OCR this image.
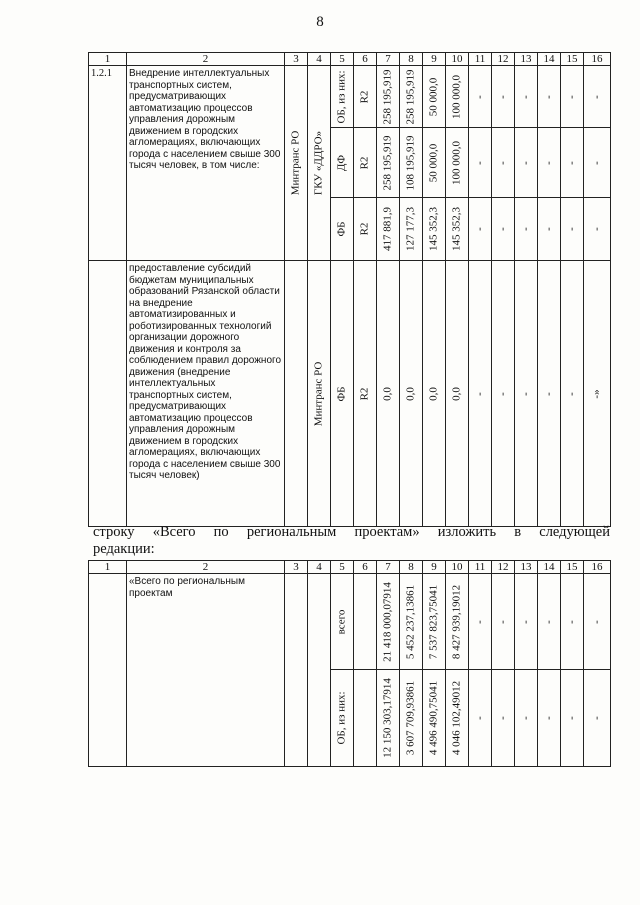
8
1	2	3	4	5	6	7	8	9	10	11	12	13	14	15	16
1.2.1	Внедрение интеллектуальных транспортных систем, предусматривающих автоматизацию процессов управления дорожным движением в городских агломерациях, включающих города с населением свыше 300 тысяч человек, в том числе:	Минтранс РО	ГКУ «ДДРО»	ОБ, из них:	R2	258 195,919	258 195,919	50 000,0	100 000,0	-	-	-	-	-	-

				ДФ	R2	258 195,919	108 195,919	50 000,0	100 000,0	-	-	-	-	-	-

				ФБ	R2	417 881,9	127 177,3	145 352,3	145 352,3	-	-	-	-	-	-

	предоставление субсидий бюджетам муниципальных образований Рязанской области на внедрение автоматизированных и роботизированных технологий организации дорожного движения и контроля за соблюдением правил дорожного движения (внедрение интеллектуальных транспортных систем, предусматривающих автоматизацию процессов управления дорожным движением в городских агломерациях, включающих города с населением свыше 300 тысяч человек)		Минтранс РО	ФБ	R2	0,0	0,0	0,0	0,0	-	-	-	-	-	-»
строку «Всего по региональным проектам» изложить в следующей
редакции:
1	2	3	4	5	6	7	8	9	10	11	12	13	14	15	16
	«Всего по региональным проектам			всего		21 418 000,07914	5 452 237,13861	7 537 823,75041	8 427 939,19012	-	-	-	-	-	-

				ОБ, из них:		12 150 303,17914	3 607 709,93861	4 496 490,75041	4 046 102,49012	-	-	-	-	-	-
